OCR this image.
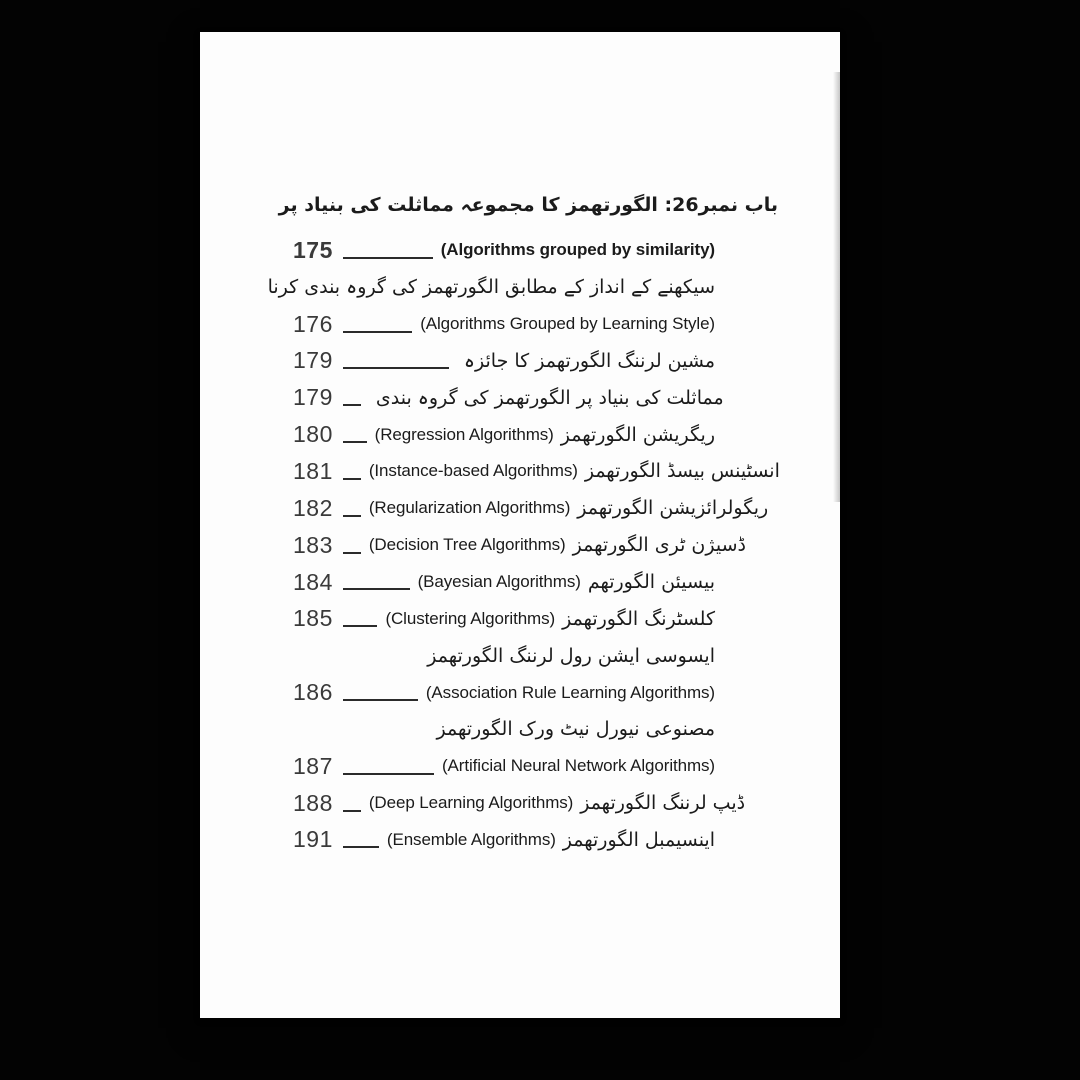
باب نمبر26: الگورتھمز کا مجموعہ مماثلت کی بنیاد پر
175	(Algorithms grouped by similarity)
سیکھنے کے انداز کے مطابق الگورتھمز کی گروہ بندی کرنا
176	(Algorithms Grouped by Learning Style)
179	مشین لرننگ الگورتھمز کا جائزہ
179 مماثلت کی بنیاد پر الگورتھمز کی گروہ بندی
180 (Regression Algorithms) ریگریشن الگورتھمز
181 (Instance-based Algorithms) انسٹینس بیسڈ الگورتھمز
182 (Regularization Algorithms) ریگولرائزیشن الگورتھمز
183 (Decision Tree Algorithms) ڈسیژن ٹری الگورتھمز
184	(Bayesian Algorithms) بیسیئن الگورتھم
185	(Clustering Algorithms) کلسٹرنگ الگورتھمز
ایسوسی ایشن رول لرننگ الگورتھمز
186	(Association Rule Learning Algorithms)
مصنوعی نیورل نیٹ ورک الگورتھمز
187	(Artificial Neural Network Algorithms)
188 (Deep Learning Algorithms) ڈیپ لرننگ الگورتھمز
191	(Ensemble Algorithms) اینسیمبل الگورتھمز
